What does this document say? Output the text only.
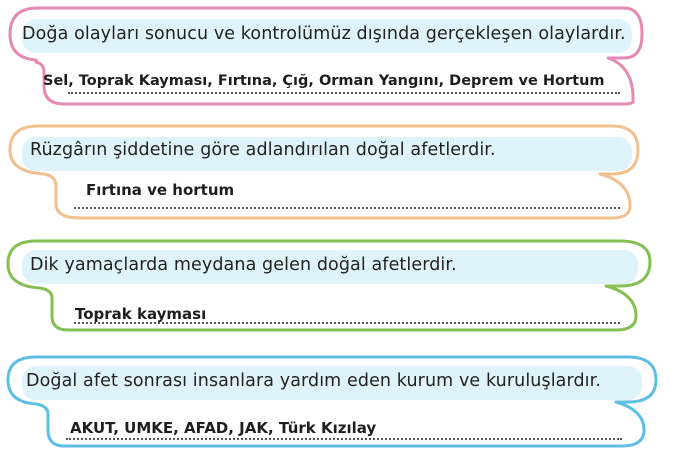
Doğa olayları sonucu ve kontrolümüz dışında gerçekleşen olaylardır.
Sel, Toprak Kayması, Fırtına, Çığ, Orman Yangını, Deprem ve Hortum
Rüzgârın şiddetine göre adlandırılan doğal afetlerdir.
Fırtına ve hortum
Dik yamaçlarda meydana gelen doğal afetlerdir.
Toprak kayması
Doğal afet sonrası insanlara yardım eden kurum ve kuruluşlardır.
AKUT, UMKE, AFAD, JAK, Türk Kızılay
